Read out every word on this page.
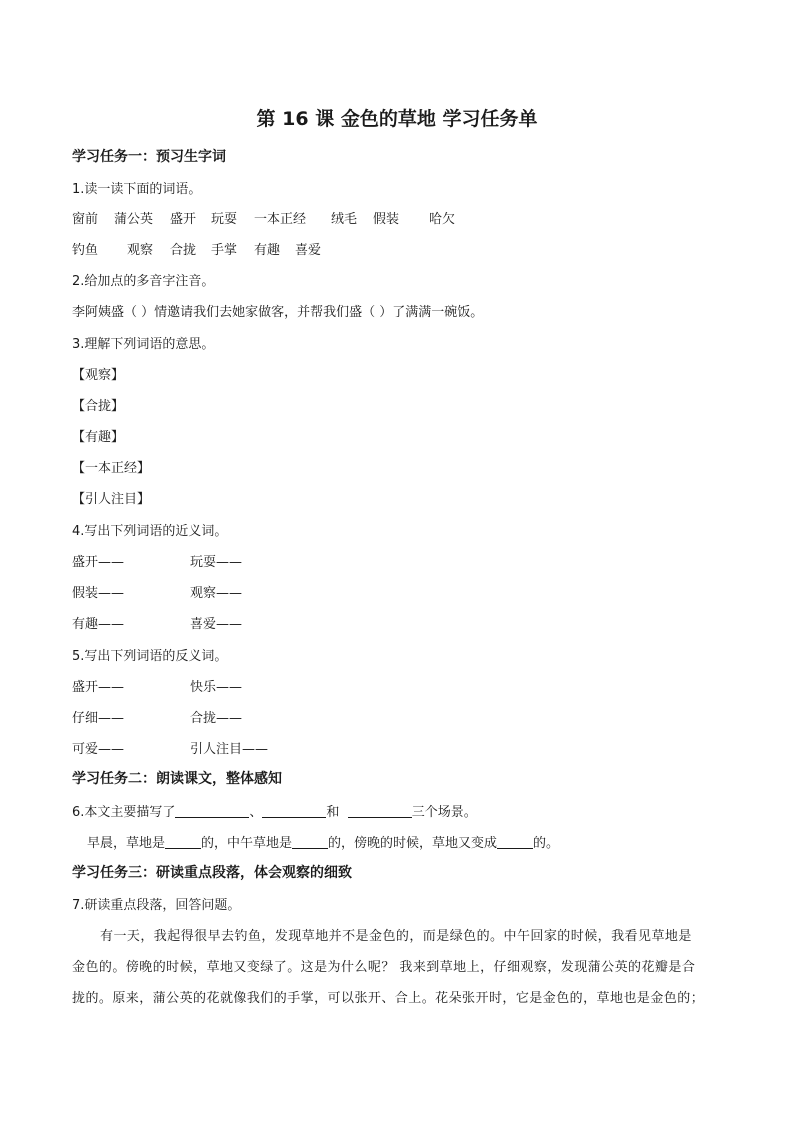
第 16 课 金色的草地 学习任务单
学习任务一：预习生字词
1.读一读下面的词语。
窗前 蒲公英 盛开 玩耍 一本正经 绒毛 假装 哈欠
钓鱼 观察 合拢 手掌 有趣 喜爱
2.给加点的多音字注音。
李阿姨盛（ ）情邀请我们去她家做客，并帮我们盛（ ）了满满一碗饭。
3.理解下列词语的意思。
【观察】
【合拢】
【有趣】
【一本正经】
【引人注目】
4.写出下列词语的近义词。
盛开——	玩耍——
假装——	观察——
有趣——	喜爱——
5.写出下列词语的反义词。
盛开——	快乐——
仔细——	合拢——
可爱——	引人注目——
学习任务二：朗读课文，整体感知
6.本文主要描写了	、	和	三个场景。
早晨，草地是	的，中午草地是	的，傍晚的时候，草地又变成	的。
学习任务三：研读重点段落，体会观察的细致
7.研读重点段落，回答问题。
有一天，我起得很早去钓鱼，发现草地并不是金色的，而是绿色的。中午回家的时候，我看见草地是
金色的。傍晚的时候，草地又变绿了。这是为什么呢？ 我来到草地上，仔细观察，发现蒲公英的花瓣是合
拢的。原来，蒲公英的花就像我们的手掌，可以张开、合上。花朵张开时，它是金色的，草地也是金色的；
